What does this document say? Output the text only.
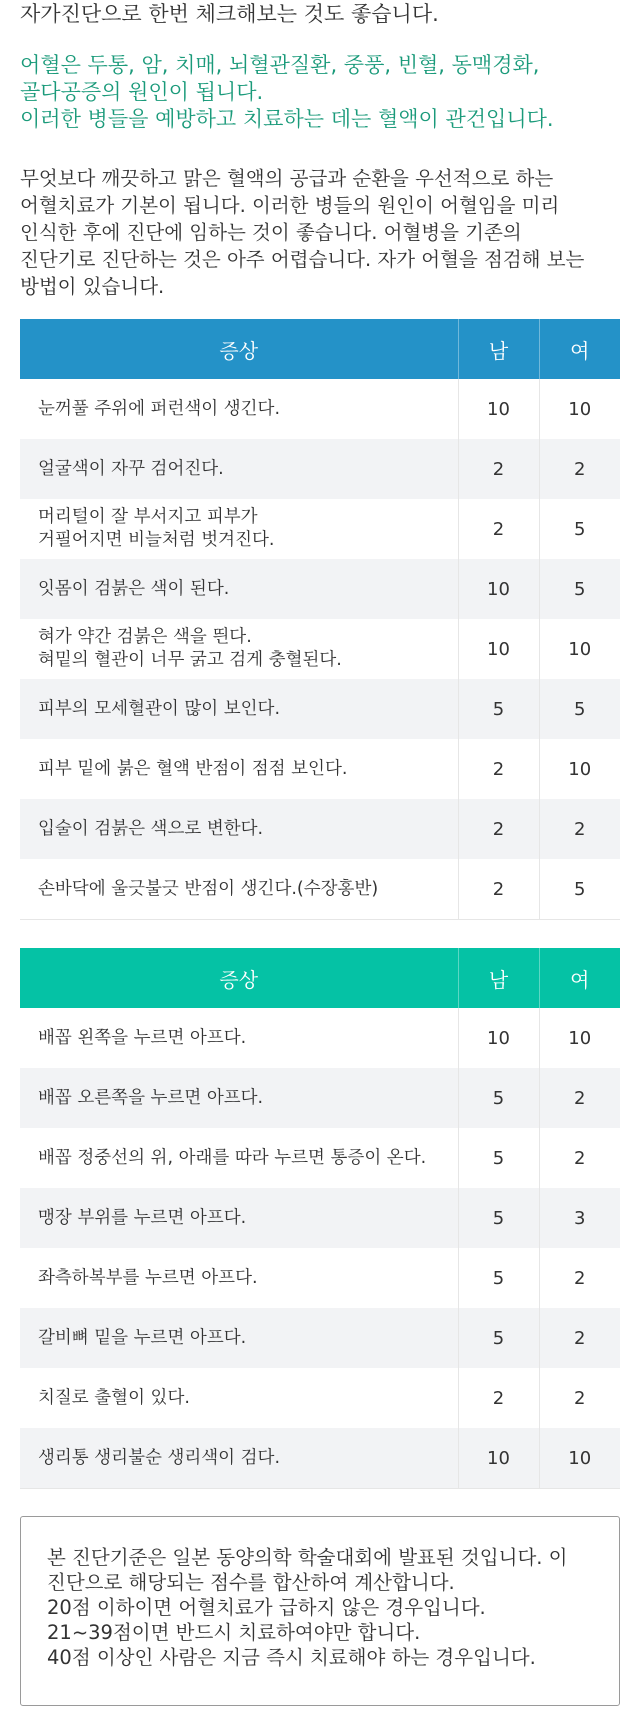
자가진단으로 한번 체크해보는 것도 좋습니다.
어혈은 두통, 암, 치매, 뇌혈관질환, 중풍, 빈혈, 동맥경화,
골다공증의 원인이 됩니다.
이러한 병들을 예방하고 치료하는 데는 혈액이 관건입니다.
무엇보다 깨끗하고 맑은 혈액의 공급과 순환을 우선적으로 하는
어혈치료가 기본이 됩니다. 이러한 병들의 원인이 어혈임을 미리
인식한 후에 진단에 임하는 것이 좋습니다. 어혈병을 기존의
진단기로 진단하는 것은 아주 어렵습니다. 자가 어혈을 점검해 보는
방법이 있습니다.
증상	남	여

눈꺼풀 주위에 퍼런색이 생긴다.	10	10

얼굴색이 자꾸 검어진다.	2	2

머리털이 잘 부서지고 피부가
거필어지면 비늘처럼 벗겨진다.	2	5

잇몸이 검붉은 색이 된다.	10	5

혀가 약간 검붉은 색을 띈다.
혀밑의 혈관이 너무 굵고 검게 충혈된다.	10	10

피부의 모세혈관이 많이 보인다.	5	5

피부 밑에 붉은 혈액 반점이 점점 보인다.	2	10

입술이 검붉은 색으로 변한다.	2	2

손바닥에 울긋불긋 반점이 생긴다.(수장홍반)	2	5
증상	남	여

배꼽 왼쪽을 누르면 아프다.	10	10

배꼽 오른쪽을 누르면 아프다.	5	2

배꼽 정중선의 위, 아래를 따라 누르면 통증이 온다.	5	2

맹장 부위를 누르면 아프다.	5	3

좌측하복부를 누르면 아프다.	5	2

갈비뼈 밑을 누르면 아프다.	5	2

치질로 출혈이 있다.	2	2

생리통 생리불순 생리색이 검다.	10	10
본 진단기준은 일본 동양의학 학술대회에 발표된 것입니다. 이
진단으로 해당되는 점수를 합산하여 계산합니다.
20점 이하이면 어혈치료가 급하지 않은 경우입니다.
21~39점이면 반드시 치료하여야만 합니다.
40점 이상인 사람은 지금 즉시 치료해야 하는 경우입니다.
